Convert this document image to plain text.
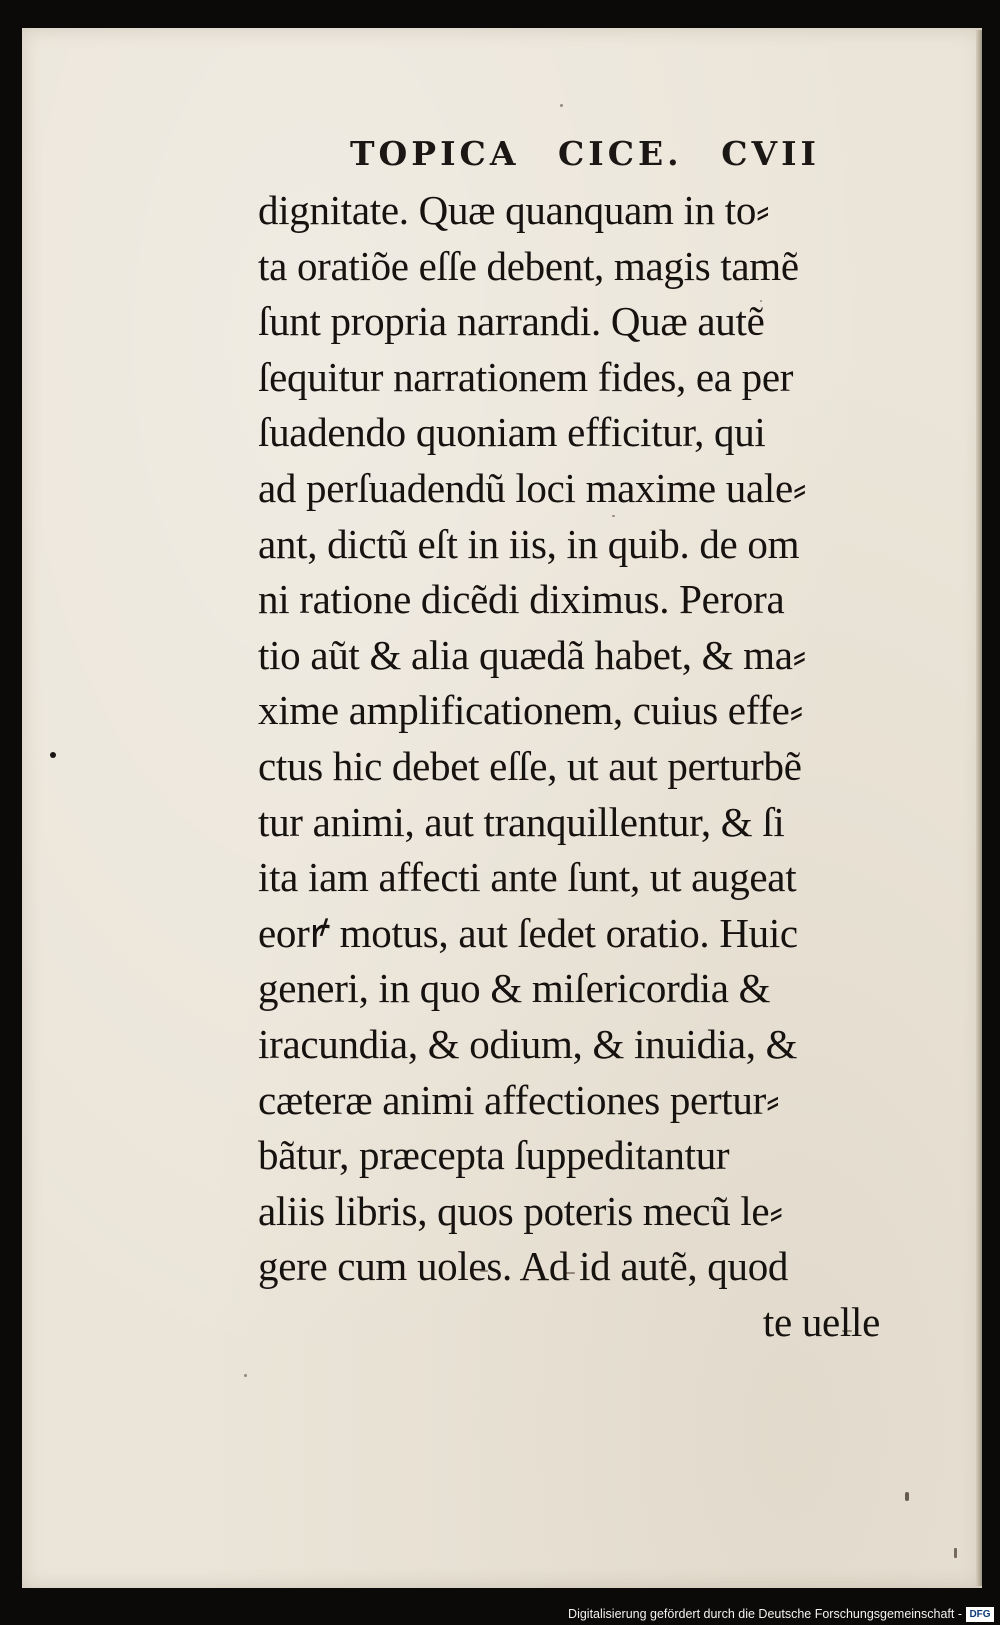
TOPICA CICE. CVII
dignitate. Quæ quanquam in to⸗
ta oratiõe eſſe debent, magis tamẽ
ſunt propria narrandi. Quæ autẽ
ſequitur narrationem fides, ea per
ſuadendo quoniam efficitur, qui
ad perſuadendũ loci maxime uale⸗
ant, dictũ eſt in iis, in quib. de om
ni ratione dicẽdi diximus. Perora
tio aũt & alia quædã habet, & ma⸗
xime amplificationem, cuius effe⸗
ctus hic debet eſſe, ut aut perturbẽ
tur animi, aut tranquillentur, & ſi
ita iam affecti ante ſunt, ut augeat
eorꝵ motus, aut ſedet oratio. Huic
generi, in quo & miſericordia &
iracundia, & odium, & inuidia, &
cæteræ animi affectiones pertur⸗
bãtur, præcepta ſuppeditantur
aliis libris, quos poteris mecũ le⸗
gere cum uoles. Ad id autẽ, quod
te uelle
Digitalisierung gefördert durch die Deutsche Forschungsgemeinschaft - DFG
